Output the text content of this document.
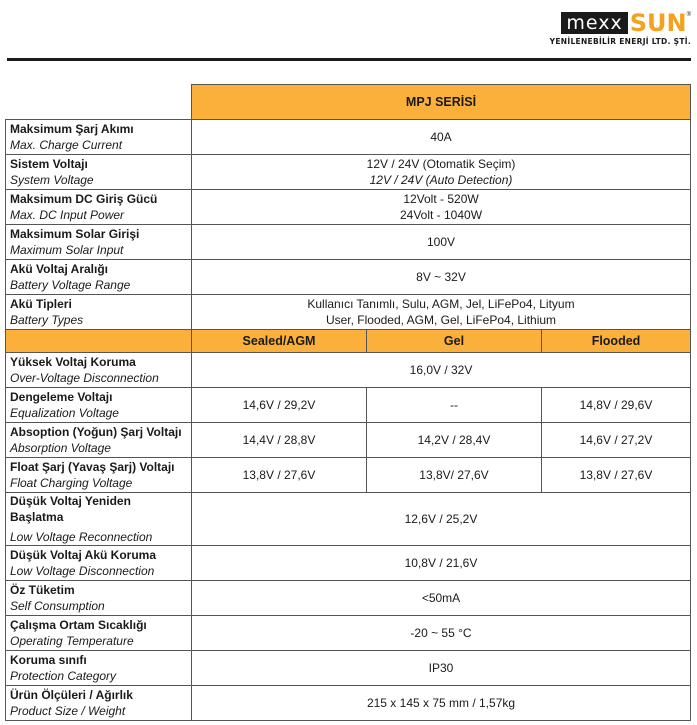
mexx SUN ®
YENİLENEBİLİR ENERJİ LTD. ŞTİ.
	MPJ SERİSİ		

Maksimum Şarj Akımı
Max. Charge Current	40A		

Sistem Voltajı
System Voltage	12V / 24V (Otomatik Seçim)
12V / 24V (Auto Detection)		

Maksimum DC Giriş Gücü
Max. DC Input Power	12Volt - 520W
24Volt - 1040W		

Maksimum Solar Girişi
Maximum Solar Input	100V		

Akü Voltaj Aralığı
Battery Voltage Range	8V ~ 32V		

Akü Tipleri
Battery Types	Kullanıcı Tanımlı, Sulu, AGM, Jel, LiFePo4, Lityum
User, Flooded, AGM, Gel, LiFePo4, Lithium		

	Sealed/AGM	Gel	Flooded

Yüksek Voltaj Koruma
Over-Voltage Disconnection	16,0V / 32V		

Dengeleme Voltajı
Equalization Voltage	14,6V / 29,2V	--	14,8V / 29,6V

Absoption (Yoğun) Şarj Voltajı
Absorption Voltage	14,4V / 28,8V	14,2V / 28,4V	14,6V / 27,2V

Float Şarj (Yavaş Şarj) Voltajı
Float Charging Voltage	13,8V / 27,6V	13,8V/ 27,6V	13,8V / 27,6V

Düşük Voltaj Yeniden Başlatma
Low Voltage Reconnection	12,6V / 25,2V		

Düşük Voltaj Akü Koruma
Low Voltage Disconnection	10,8V / 21,6V		

Öz Tüketim
Self Consumption	<50mA		

Çalışma Ortam Sıcaklığı
Operating Temperature	-20 ~ 55 °C		

Koruma sınıfı
Protection Category	IP30		

Ürün Ölçüleri / Ağırlık
Product Size / Weight	215 x 145 x 75 mm / 1,57kg		
